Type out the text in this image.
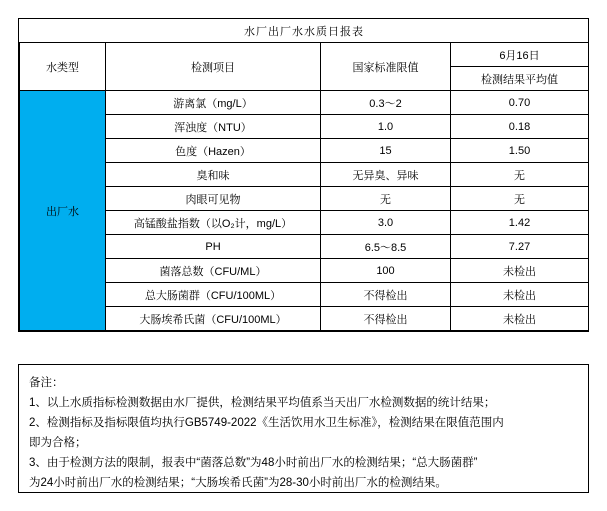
水厂出厂水水质日报表			
水类型	检测项目	国家标准限值	6月16日
			检测结果平均值
出厂水	游离氯（mg/L）	0.3～2	0.70
	浑浊度（NTU）	1.0	0.18
	色度（Hazen）	15	1.50
	臭和味	无异臭、异味	无
	肉眼可见物	无	无
	高锰酸盐指数（以O₂计，mg/L）	3.0	1.42
	PH	6.5～8.5	7.27
	菌落总数（CFU/ML）	100	未检出
	总大肠菌群（CFU/100ML）	不得检出	未检出
	大肠埃希氏菌（CFU/100ML）	不得检出	未检出
备注：
1、以上水质指标检测数据由水厂提供，检测结果平均值系当天出厂水检测数据的统计结果；
2、检测指标及指标限值均执行GB5749-2022《生活饮用水卫生标准》，检测结果在限值范围内
即为合格；
3、由于检测方法的限制，报表中“菌落总数”为48小时前出厂水的检测结果；“总大肠菌群”
为24小时前出厂水的检测结果；“大肠埃希氏菌”为28-30小时前出厂水的检测结果。
